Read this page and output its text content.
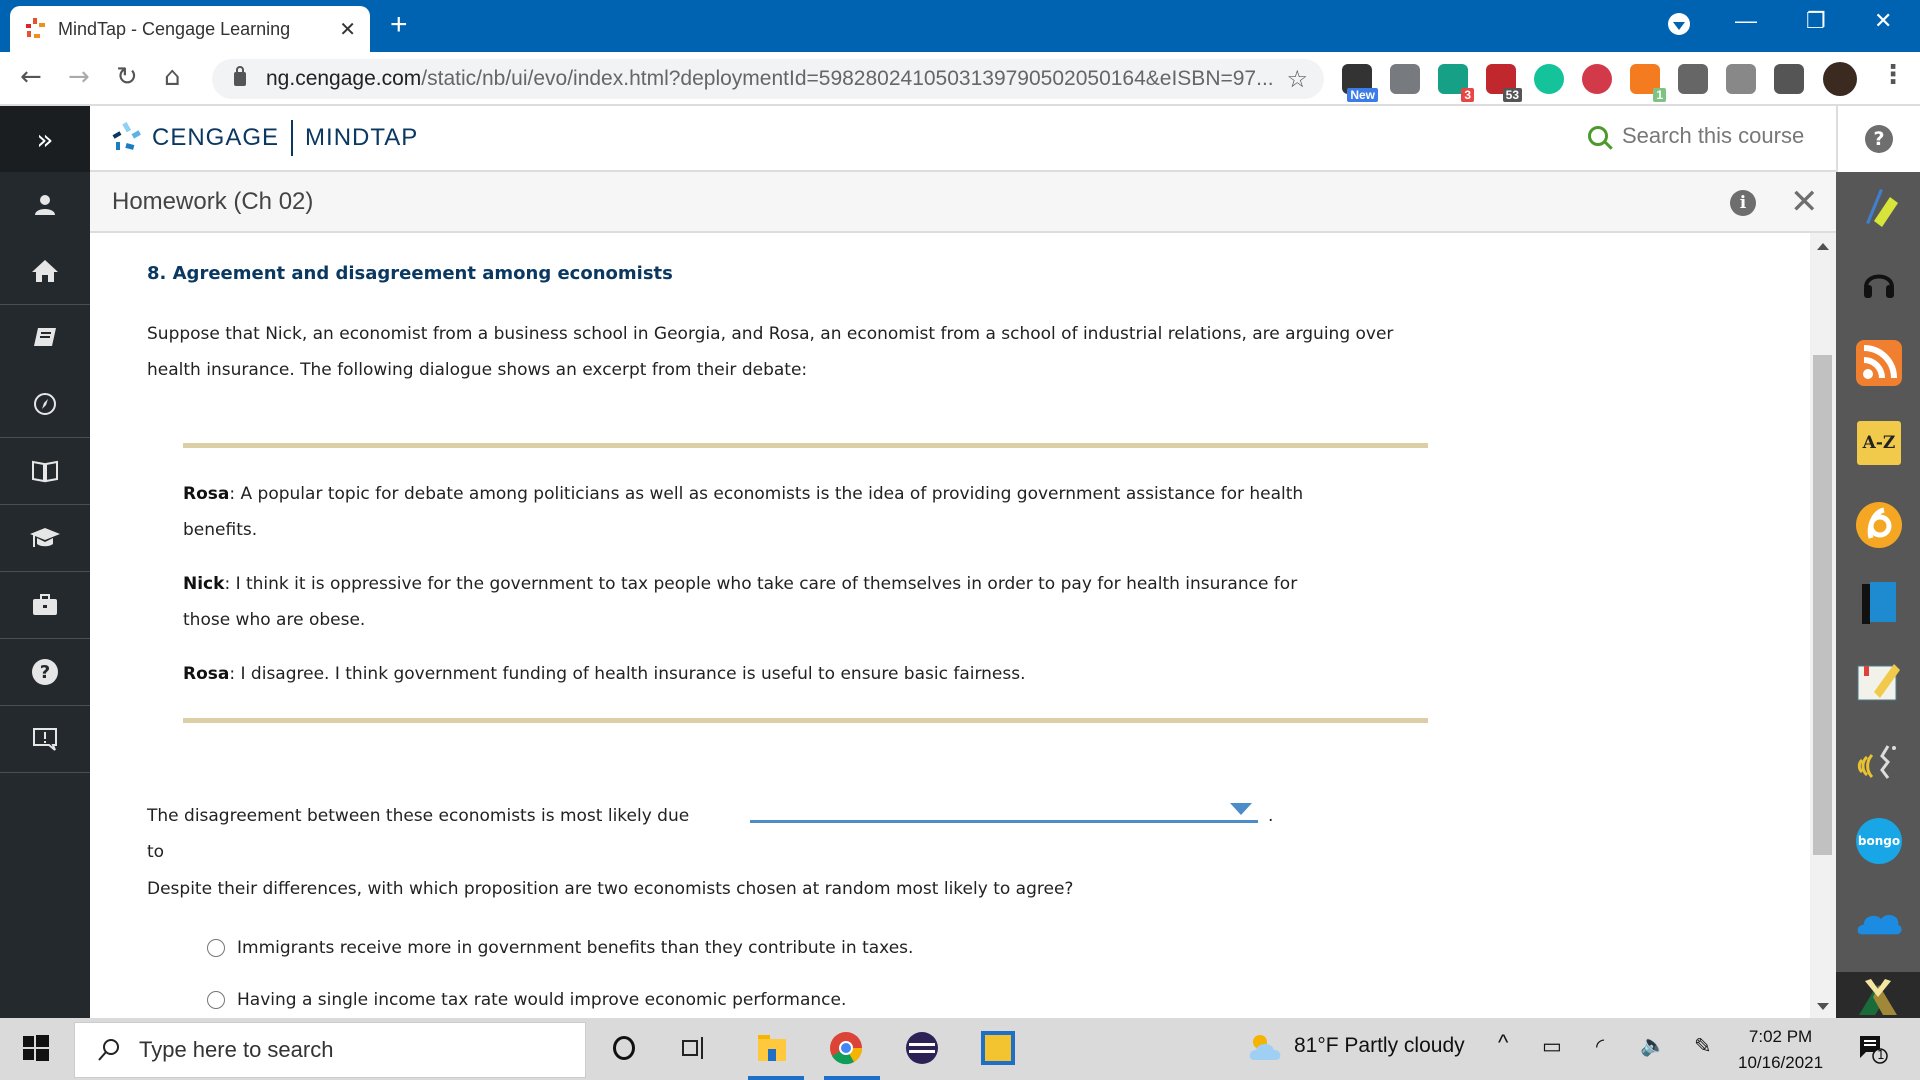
MindTap - Cengage Learning	✕ +	— ❐ ✕
← → ↻ ⌂	ng.cengage.com/static/nb/ui/evo/index.html?deploymentId=5982802410503139790502050164&eISBN=97... ☆	⋮
New	3	53	1
»
?
CENGAGE MINDTAP	Search this course	?
Homework (Ch 02)	i ✕
A-Z
bongo
8. Agreement and disagreement among economists
Suppose that Nick, an economist from a business school in Georgia, and Rosa, an economist from a school of industrial relations, are arguing over
health insurance. The following dialogue shows an excerpt from their debate:
Rosa: A popular topic for debate among politicians as well as economists is the idea of providing government assistance for health
benefits.
Nick: I think it is oppressive for the government to tax people who take care of themselves in order to pay for health insurance for
those who are obese.
Rosa: I disagree. I think government funding of health insurance is useful to ensure basic fairness.
The disagreement between these economists is most likely due to
.
Despite their differences, with which proposition are two economists chosen at random most likely to agree?
Immigrants receive more in government benefits than they contribute in taxes.
Having a single income tax rate would improve economic performance.
Type here to search	81°F Partly cloudy ^ ▭ ◜ 🔈 ✎	7:02 PM
10/16/2021	1
